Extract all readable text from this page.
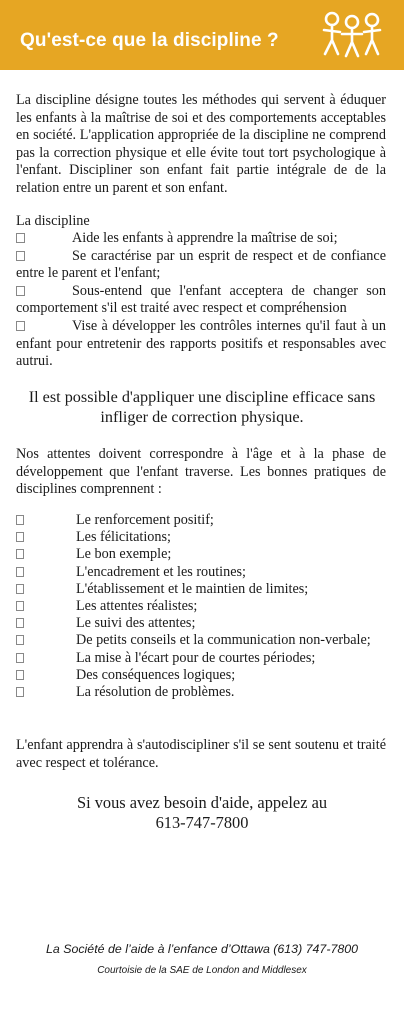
Qu'est-ce que la discipline ?
La discipline désigne toutes les méthodes qui servent à éduquer les enfants à la maîtrise de soi et des comportements acceptables en société. L'application appropriée de la discipline ne comprend pas la correction physique et elle évite tout tort psychologique à l'enfant. Discipliner son enfant fait partie intégrale de de la relation entre un parent et son enfant.
La discipline
Aide les enfants à apprendre la maîtrise de soi;
Se caractérise par un esprit de respect et de confiance entre le parent et l'enfant;
Sous-entend que l'enfant acceptera de changer son comportement s'il est traité avec respect et compréhension
Vise à développer les contrôles internes qu'il faut à un enfant pour entretenir des rapports positifs et responsables avec autrui.
Il est possible d'appliquer une discipline efficace sans infliger de correction physique.
Nos attentes doivent correspondre à l'âge et à la phase de développement que l'enfant traverse. Les bonnes pratiques de disciplines comprennent :
Le renforcement positif;
Les félicitations;
Le bon exemple;
L'encadrement et les routines;
L'établissement et le maintien de limites;
Les attentes réalistes;
Le suivi des attentes;
De petits conseils et la communication non-verbale;
La mise à l'écart pour de courtes périodes;
Des conséquences logiques;
La résolution de problèmes.
L'enfant apprendra à s'autodiscipliner s'il se sent soutenu et traité avec respect et tolérance.
Si vous avez besoin d'aide, appelez au
613-747-7800
La Société de l’aide à l’enfance d’Ottawa (613) 747-7800
Courtoisie de la SAE de London and Middlesex
